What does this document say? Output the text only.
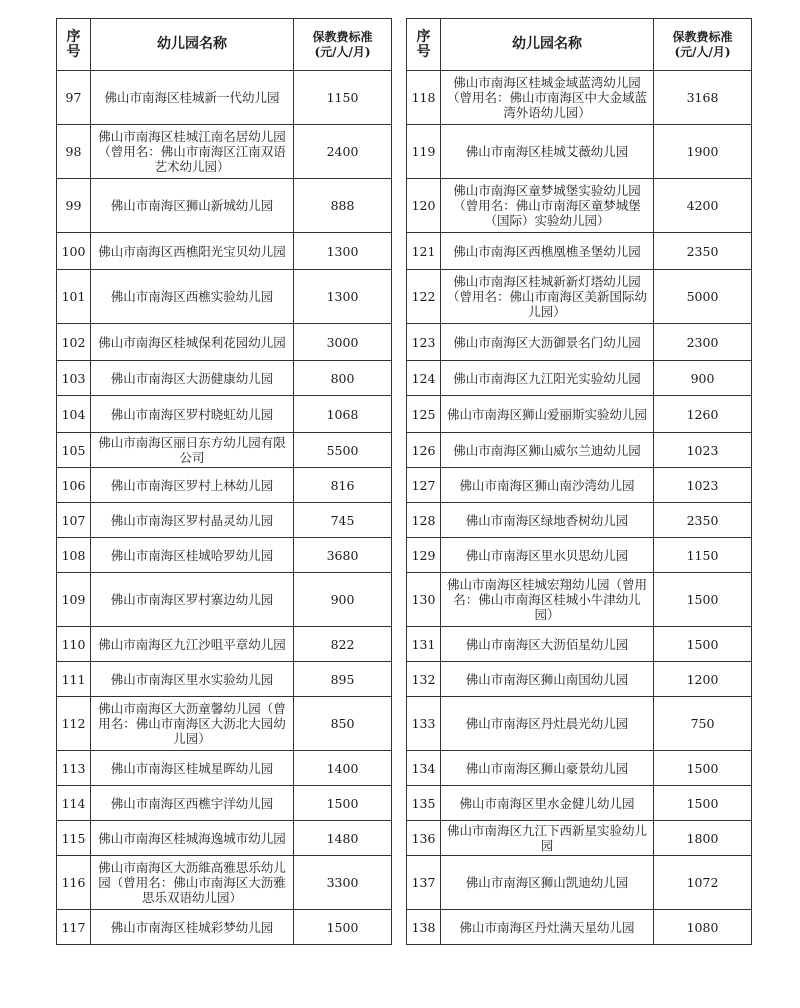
序号	幼儿园名称	保教费标准
(元/人/月)
97	佛山市南海区桂城新一代幼儿园	1150
98	佛山市南海区桂城江南名居幼儿园（曾用名：佛山市南海区江南双语艺术幼儿园）	2400
99	佛山市南海区狮山新城幼儿园	888
100	佛山市南海区西樵阳光宝贝幼儿园	1300
101	佛山市南海区西樵实验幼儿园	1300
102	佛山市南海区桂城保利花园幼儿园	3000
103	佛山市南海区大沥健康幼儿园	800
104	佛山市南海区罗村晓虹幼儿园	1068
105	佛山市南海区丽日东方幼儿园有限公司	5500
106	佛山市南海区罗村上林幼儿园	816
107	佛山市南海区罗村晶灵幼儿园	745
108	佛山市南海区桂城哈罗幼儿园	3680
109	佛山市南海区罗村寨边幼儿园	900
110	佛山市南海区九江沙咀平章幼儿园	822
111	佛山市南海区里水实验幼儿园	895
112	佛山市南海区大沥童馨幼儿园（曾用名：佛山市南海区大沥北大园幼儿园）	850
113	佛山市南海区桂城星晖幼儿园	1400
114	佛山市南海区西樵宇洋幼儿园	1500
115	佛山市南海区桂城海逸城市幼儿园	1480
116	佛山市南海区大沥維高雅思乐幼儿园（曾用名：佛山市南海区大沥雅思乐双语幼儿园）	3300
117	佛山市南海区桂城彩梦幼儿园	1500
序号	幼儿园名称	保教费标准
(元/人/月)
118	佛山市南海区桂城金域蓝湾幼儿园（曾用名：佛山市南海区中大金域蓝湾外语幼儿园）	3168
119	佛山市南海区桂城艾薇幼儿园	1900
120	佛山市南海区童梦城堡实验幼儿园（曾用名：佛山市南海区童梦城堡（国际）实验幼儿园）	4200
121	佛山市南海区西樵凰樵圣堡幼儿园	2350
122	佛山市南海区桂城新新灯塔幼儿园（曾用名：佛山市南海区美新国际幼儿园）	5000
123	佛山市南海区大沥御景名门幼儿园	2300
124	佛山市南海区九江阳光实验幼儿园	900
125	佛山市南海区狮山爱丽斯实验幼儿园	1260
126	佛山市南海区狮山威尔兰迪幼儿园	1023
127	佛山市南海区狮山南沙湾幼儿园	1023
128	佛山市南海区绿地香树幼儿园	2350
129	佛山市南海区里水贝思幼儿园	1150
130	佛山市南海区桂城宏翔幼儿园（曾用名：佛山市南海区桂城小牛津幼儿园）	1500
131	佛山市南海区大沥佰星幼儿园	1500
132	佛山市南海区狮山南国幼儿园	1200
133	佛山市南海区丹灶晨光幼儿园	750
134	佛山市南海区狮山豪景幼儿园	1500
135	佛山市南海区里水金健儿幼儿园	1500
136	佛山市南海区九江下西新星实验幼儿园	1800
137	佛山市南海区狮山凯迪幼儿园	1072
138	佛山市南海区丹灶满天星幼儿园	1080
